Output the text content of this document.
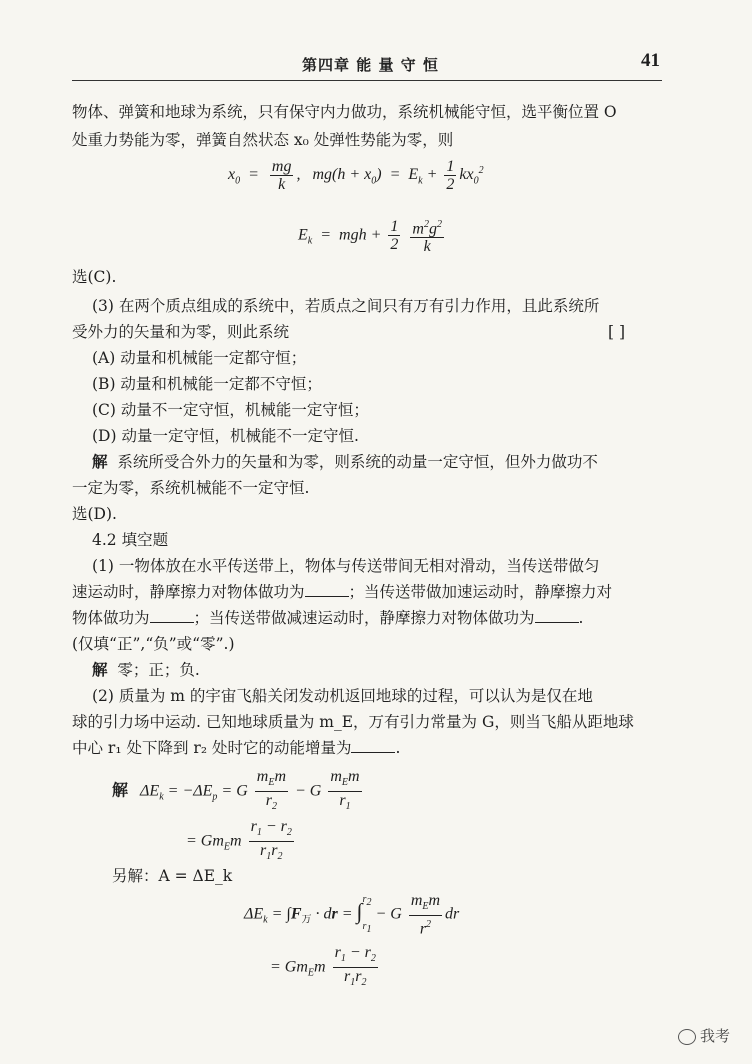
第四章 能 量 守 恒	41
物体、弹簧和地球为系统，只有保守内力做功，系统机械能守恒，选平衡位置 O
处重力势能为零，弹簧自然状态 x₀ 处弹性势能为零，则
$x_0 = \frac{mg}{k}$ ,   $mg(h + x_0) = E_k + \frac{1}{2} kx_0^2$
$E_k$  =  mgh + $\frac{1}{2}$
$\frac{m^2g^2}{k}$
选(C).
(3) 在两个质点组成的系统中，若质点之间只有万有引力作用，且此系统所
受外力的矢量和为零，则此系统	[ ]
(A) 动量和机械能一定都守恒；
(B) 动量和机械能一定都不守恒；
(C) 动量不一定守恒，机械能一定守恒；
(D) 动量一定守恒，机械能不一定守恒.
解 系统所受合外力的矢量和为零，则系统的动量一定守恒，但外力做功不
一定为零，系统机械能不一定守恒.
选(D).
4.2 填空题
(1) 一物体放在水平传送带上，物体与传送带间无相对滑动，当传送带做匀
速运动时，静摩擦力对物体做功为	；当传送带做加速运动时，静摩擦力对
物体做功为	；当传送带做减速运动时，静摩擦力对物体做功为	.
(仅填“正”,“负”或“零”.)
解 零；正；负.
(2) 质量为 m 的宇宙飞船关闭发动机返回地球的过程，可以认为是仅在地
球的引力场中运动. 已知地球质量为 m_E，万有引力常量为 G，则当飞船从距地球
中心 r₁ 处下降到 r₂ 处时它的动能增量为	.
解   $\Delta E_k = -\Delta E_p = G \frac{m_Em}{r_2} - G \frac{m_Em}{r_1}$
= $Gm_Em \frac{r_1 - r_2}{r_1r_2}$
另解：A = ΔE_k
$\Delta E_k = \int F_万$ · dr = ∫ $r_2$
$r_1$
− G $\frac{m_Em}{r^2}$ dr
= $Gm_Em \frac{r_1 - r_2}{r_1r_2}$
我考
